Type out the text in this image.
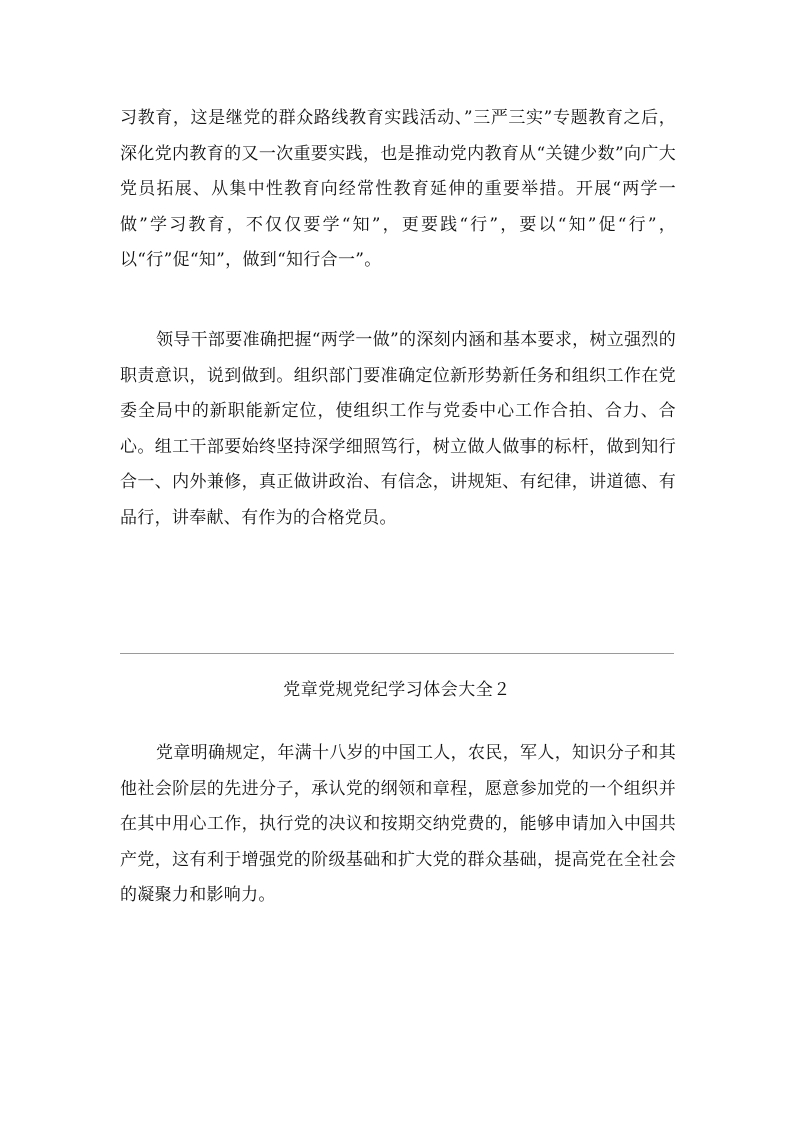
习教育，这是继党的群众路线教育实践活动、”三严三实”专题教育之后，深化党内教育的又一次重要实践，也是推动党内教育从“关键少数”向广大党员拓展、从集中性教育向经常性教育延伸的重要举措。开展“两学一做”学习教育，不仅仅要学“知”，更要践“行”，要以“知”促“行”，以“行”促“知”，做到“知行合一”。

领导干部要准确把握“两学一做”的深刻内涵和基本要求，树立强烈的职责意识，说到做到。组织部门要准确定位新形势新任务和组织工作在党委全局中的新职能新定位，使组织工作与党委中心工作合拍、合力、合心。组工干部要始终坚持深学细照笃行，树立做人做事的标杆，做到知行合一、内外兼修，真正做讲政治、有信念，讲规矩、有纪律，讲道德、有品行，讲奉献、有作为的合格党员。

党章党规党纪学习体会大全２

党章明确规定，年满十八岁的中国工人，农民，军人，知识分子和其他社会阶层的先进分子，承认党的纲领和章程，愿意参加党的一个组织并在其中用心工作，执行党的决议和按期交纳党费的，能够申请加入中国共产党，这有利于增强党的阶级基础和扩大党的群众基础，提高党在全社会的凝聚力和影响力。
